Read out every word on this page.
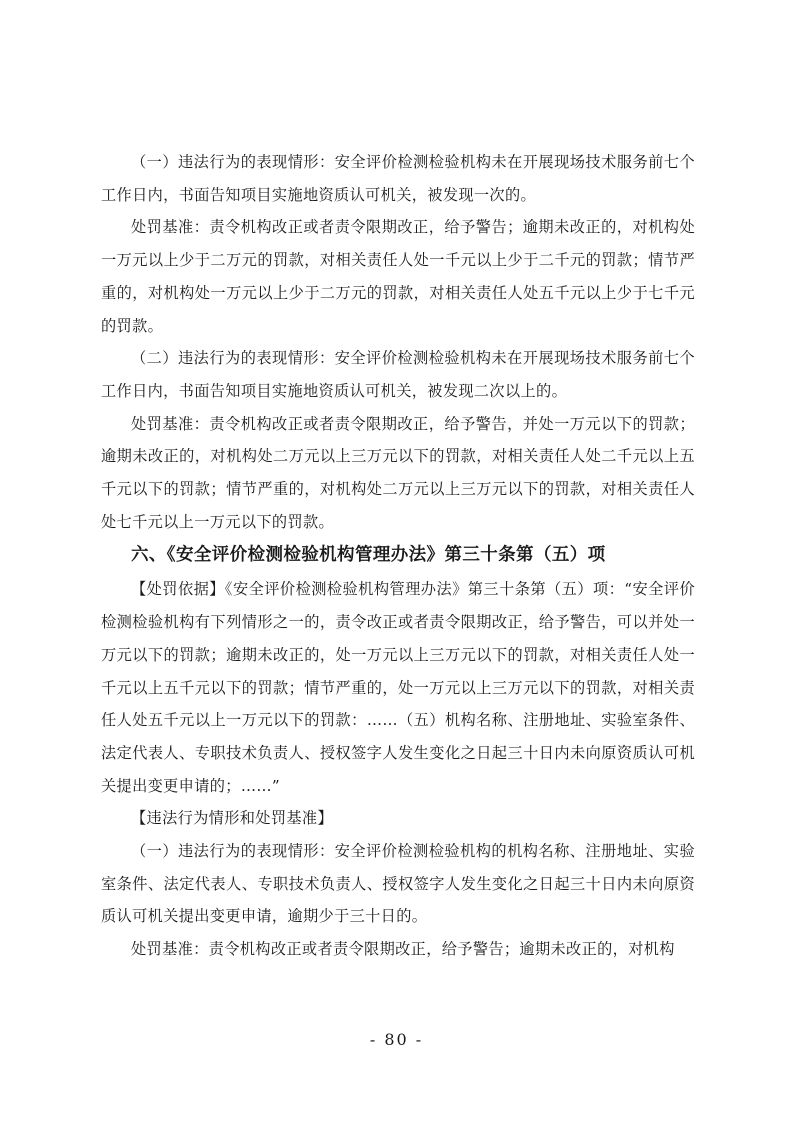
（一）违法行为的表现情形：安全评价检测检验机构未在开展现场技术服务前七个工作日内，书面告知项目实施地资质认可机关，被发现一次的。

处罚基准：责令机构改正或者责令限期改正，给予警告；逾期未改正的，对机构处一万元以上少于二万元的罚款，对相关责任人处一千元以上少于二千元的罚款；情节严重的，对机构处一万元以上少于二万元的罚款，对相关责任人处五千元以上少于七千元的罚款。

（二）违法行为的表现情形：安全评价检测检验机构未在开展现场技术服务前七个工作日内，书面告知项目实施地资质认可机关，被发现二次以上的。

处罚基准：责令机构改正或者责令限期改正，给予警告，并处一万元以下的罚款；逾期未改正的，对机构处二万元以上三万元以下的罚款，对相关责任人处二千元以上五千元以下的罚款；情节严重的，对机构处二万元以上三万元以下的罚款，对相关责任人处七千元以上一万元以下的罚款。

六、《安全评价检测检验机构管理办法》第三十条第（五）项

【处罚依据】《安全评价检测检验机构管理办法》第三十条第（五）项：“安全评价检测检验机构有下列情形之一的，责令改正或者责令限期改正，给予警告，可以并处一万元以下的罚款；逾期未改正的，处一万元以上三万元以下的罚款，对相关责任人处一千元以上五千元以下的罚款；情节严重的，处一万元以上三万元以下的罚款，对相关责任人处五千元以上一万元以下的罚款：……（五）机构名称、注册地址、实验室条件、法定代表人、专职技术负责人、授权签字人发生变化之日起三十日内未向原资质认可机关提出变更申请的；……”

【违法行为情形和处罚基准】

（一）违法行为的表现情形：安全评价检测检验机构的机构名称、注册地址、实验室条件、法定代表人、专职技术负责人、授权签字人发生变化之日起三十日内未向原资质认可机关提出变更申请，逾期少于三十日的。

处罚基准：责令机构改正或者责令限期改正，给予警告；逾期未改正的，对机构

- 80 -
